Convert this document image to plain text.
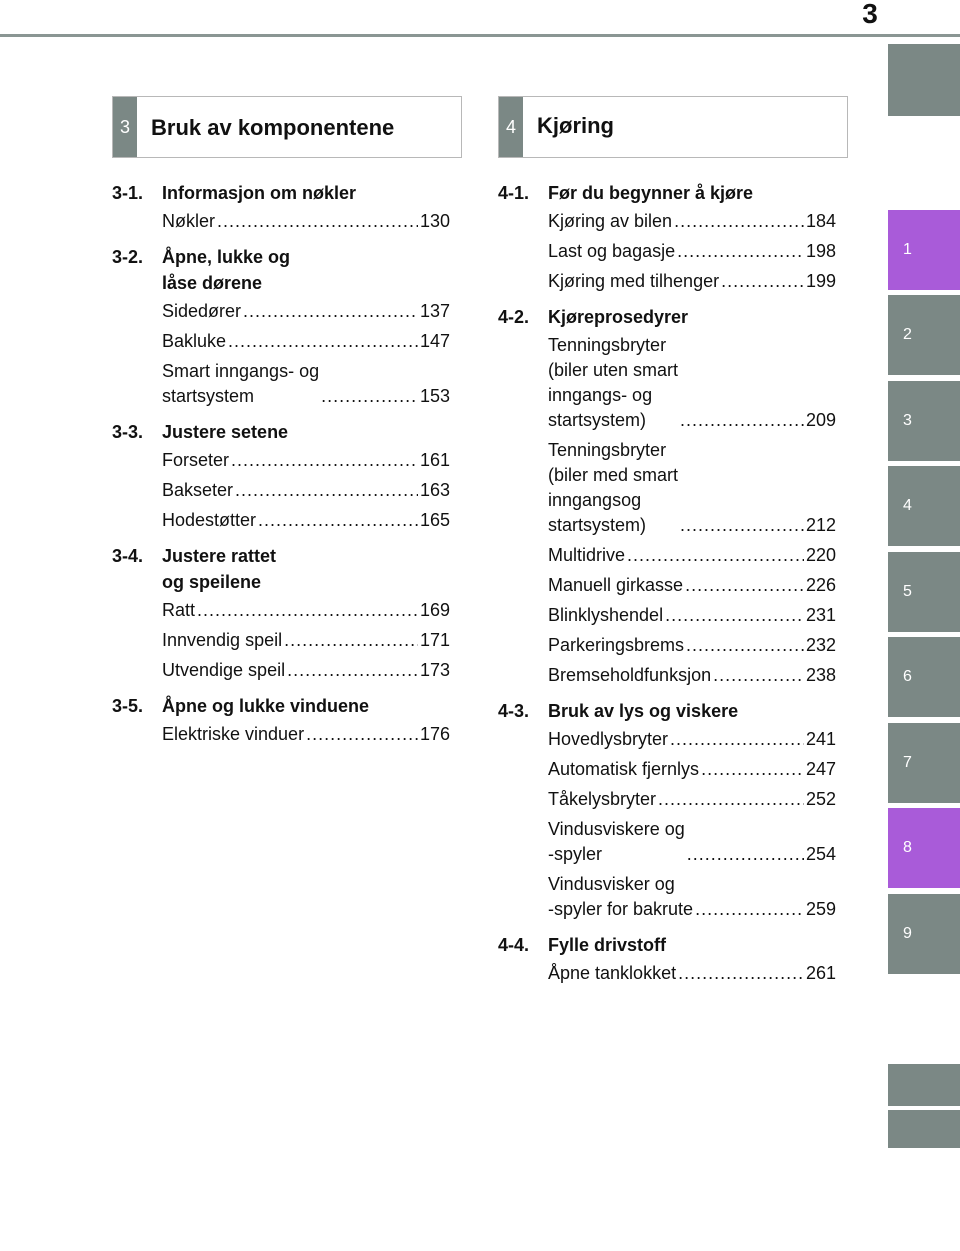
3
1
2
3
4
5
6
7
8
9
3 Bruk av komponentene	4 Kjøring
3-1. Informasjon om nøkler
Nøkler .....	130
3-2. Åpne, lukke og
låse dørene
Sidedører .....	137
Bakluke .....	147
Smart inngangs- og
startsystem .....	153
3-3. Justere setene
Forseter .....	161
Bakseter .....	163
Hodestøtter .....	165
3-4. Justere rattet
og speilene
Ratt .....	169
Innvendig speil .....	171
Utvendige speil .....	173
3-5. Åpne og lukke vinduene
Elektriske vinduer .....	176
4-1. Før du begynner å kjøre
Kjøring av bilen .....	184
Last og bagasje .....	198
Kjøring med tilhenger .....	199
4-2. Kjøreprosedyrer
Tenningsbryter
(biler uten smart
inngangs- og
startsystem) .....	209
Tenningsbryter
(biler med smart
inngangsog
startsystem) .....	212
Multidrive .....	220
Manuell girkasse .....	226
Blinklyshendel .....	231
Parkeringsbrems .....	232
Bremseholdfunksjon .....	238
4-3. Bruk av lys og viskere
Hovedlysbryter .....	241
Automatisk fjernlys .....	247
Tåkelysbryter .....	252
Vindusviskere og
-spyler .....	254
Vindusvisker og
-spyler for bakrute .....	259
4-4. Fylle drivstoff
Åpne tanklokket .....	261
